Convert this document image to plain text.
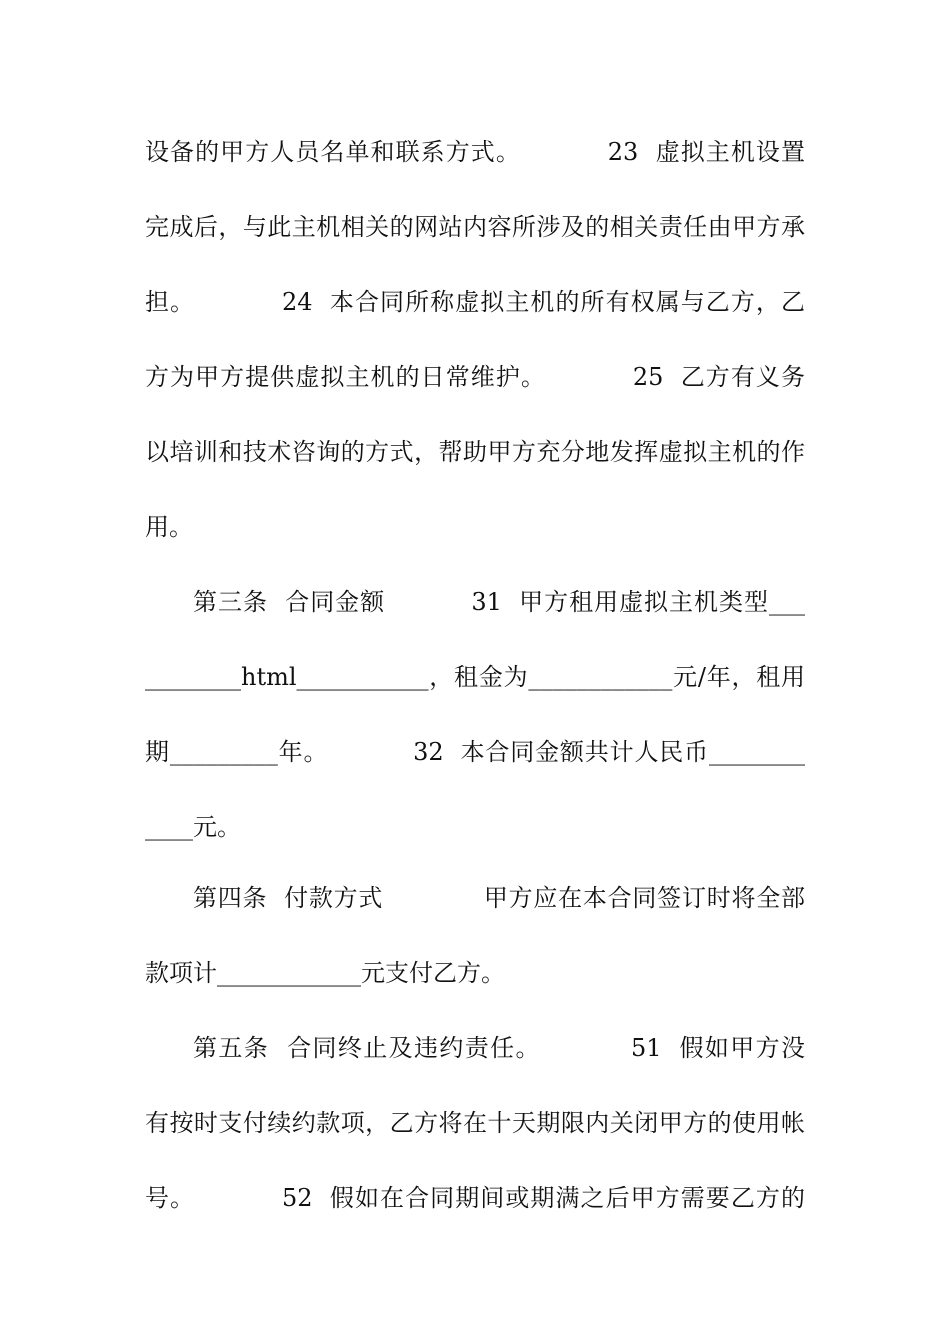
设备的甲方人员名单和联系方式。          23  虚拟主机设置
完成后，与此主机相关的网站内容所涉及的相关责任由甲方承
担。          24  本合同所称虚拟主机的所有权属与乙方，乙
方为甲方提供虚拟主机的日常维护。          25  乙方有义务
以培训和技术咨询的方式，帮助甲方充分地发挥虚拟主机的作
用。
第三条  合同金额          31  甲方租用虚拟主机类型___
________html___________，租金为____________元/年，租用
期_________年。          32  本合同金额共计人民币________
____元。
第四条  付款方式            甲方应在本合同签订时将全部
款项计____________元支付乙方。
第五条  合同终止及违约责任。          51  假如甲方没
有按时支付续约款项，乙方将在十天期限内关闭甲方的使用帐
号。          52  假如在合同期间或期满之后甲方需要乙方的
